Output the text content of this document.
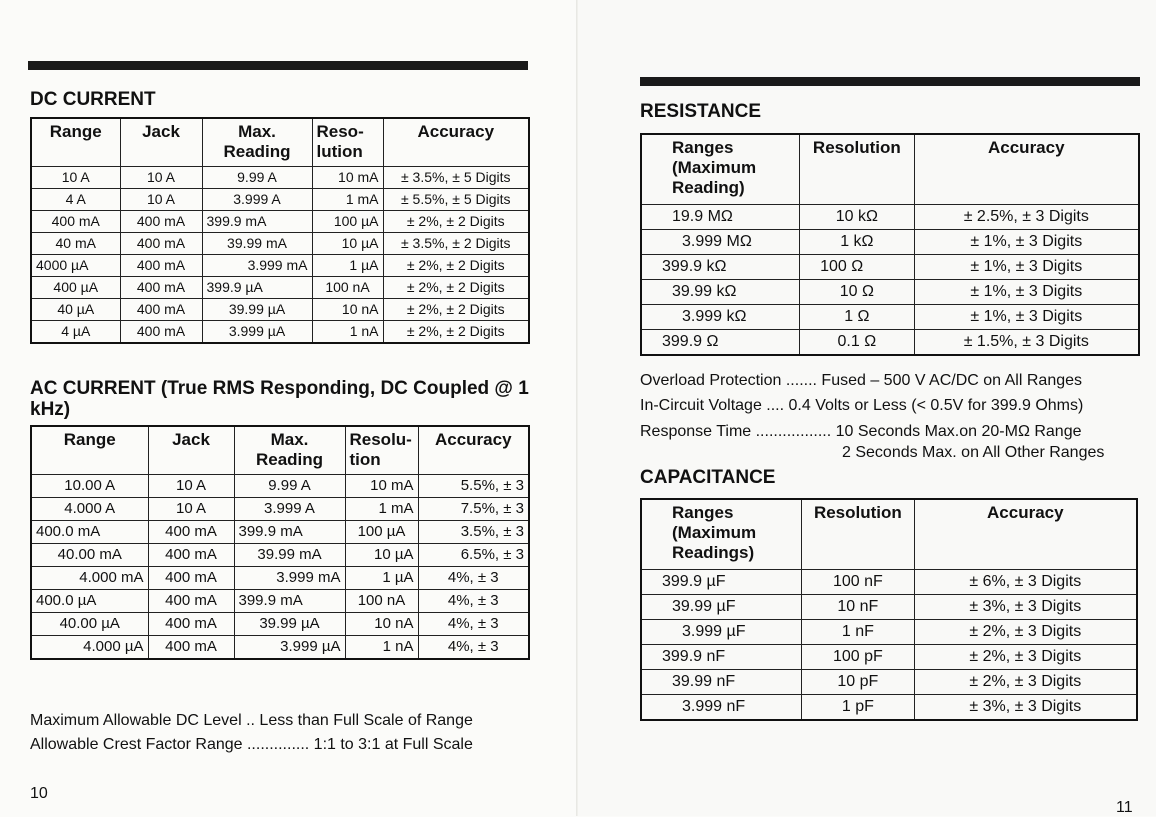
DC CURRENT
Range	Jack	Max. Reading	Reso- lution	Accuracy
10 A	10 A	9.99 A	10 mA	± 3.5%, ± 5 Digits
4 A	10 A	3.999 A	1 mA	± 5.5%, ± 5 Digits
400 mA	400 mA	399.9 mA	100 µA	± 2%, ± 2 Digits
40 mA	400 mA	39.99 mA	10 µA	± 3.5%, ± 2 Digits
4000 µA	400 mA	3.999 mA	1 µA	± 2%, ± 2 Digits
400 µA	400 mA	399.9 µA	100 nA	± 2%, ± 2 Digits
40 µA	400 mA	39.99 µA	10 nA	± 2%, ± 2 Digits
4 µA	400 mA	3.999 µA	1 nA	± 2%, ± 2 Digits
AC CURRENT (True RMS Responding, DC Coupled @ 1 kHz)
Range	Jack	Max. Reading	Resolu- tion	Accuracy
10.00 A	10 A	9.99 A	10 mA	5.5%, ± 3
4.000 A	10 A	3.999 A	1 mA	7.5%, ± 3
400.0 mA	400 mA	399.9 mA	100 µA	3.5%, ± 3
40.00 mA	400 mA	39.99 mA	10 µA	6.5%, ± 3
4.000 mA	400 mA	3.999 mA	1 µA	4%, ± 3
400.0 µA	400 mA	399.9 mA	100 nA	4%, ± 3
40.00 µA	400 mA	39.99 µA	10 nA	4%, ± 3
4.000 µA	400 mA	3.999 µA	1 nA	4%, ± 3
Maximum Allowable DC Level .. Less than Full Scale of Range
Allowable Crest Factor Range .............. 1:1 to 3:1 at Full Scale
10
RESISTANCE
Ranges (Maximum Reading)	Resolution	Accuracy
19.9 MΩ	10 kΩ	± 2.5%, ± 3 Digits
3.999 MΩ	1 kΩ	± 1%, ± 3 Digits
399.9 kΩ	100 Ω	± 1%, ± 3 Digits
39.99 kΩ	10 Ω	± 1%, ± 3 Digits
3.999 kΩ	1 Ω	± 1%, ± 3 Digits
399.9 Ω	0.1 Ω	± 1.5%, ± 3 Digits
Overload Protection ....... Fused – 500 V AC/DC on All Ranges
In-Circuit Voltage .... 0.4 Volts or Less (< 0.5V for 399.9 Ohms)
Response Time ................. 10 Seconds Max.on 20-MΩ Range
2 Seconds Max. on All Other Ranges
CAPACITANCE
Ranges (Maximum Readings)	Resolution	Accuracy
399.9 µF	100 nF	± 6%, ± 3 Digits
39.99 µF	10 nF	± 3%, ± 3 Digits
3.999 µF	1 nF	± 2%, ± 3 Digits
399.9 nF	100 pF	± 2%, ± 3 Digits
39.99 nF	10 pF	± 2%, ± 3 Digits
3.999 nF	1 pF	± 3%, ± 3 Digits
11
